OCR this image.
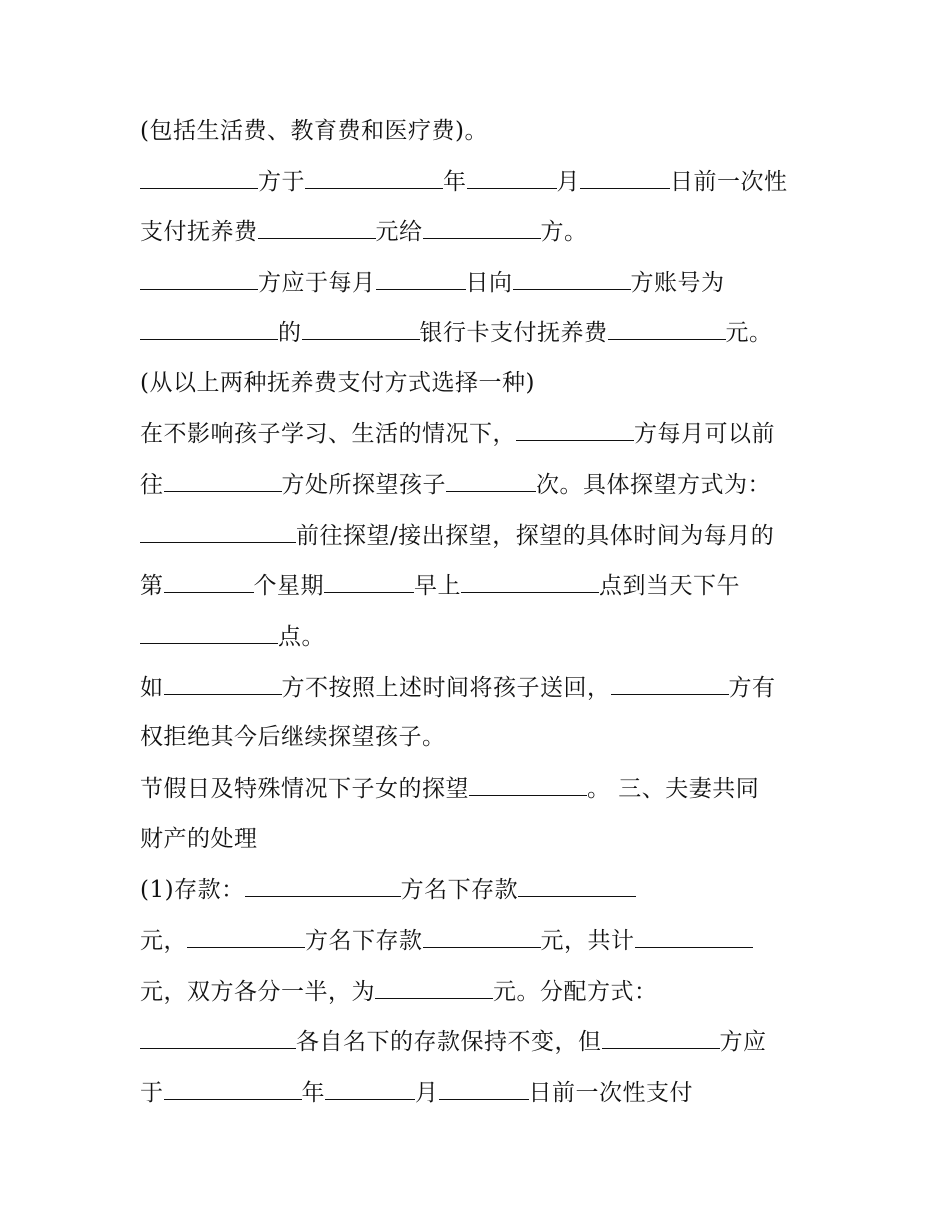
(包括生活费、教育费和医疗费)。
方于	年	月	日前一次性
支付抚养费	元给	方。
方应于每月	日向	方账号为
的	银行卡支付抚养费	元。
(从以上两种抚养费支付方式选择一种)
在不影响孩子学习、生活的情况下，	方每月可以前
往	方处所探望孩子	次。具体探望方式为：
前往探望/接出探望，探望的具体时间为每月的
第	个星期	早上	点到当天下午
点。
如	方不按照上述时间将孩子送回，	方有
权拒绝其今后继续探望孩子。
节假日及特殊情况下子女的探望	。 三、夫妻共同
财产的处理
(1)存款：	方名下存款
元，	方名下存款	元，共计
元，双方各分一半，为	元。分配方式：
各自名下的存款保持不变，但	方应
于	年	月	日前一次性支付
